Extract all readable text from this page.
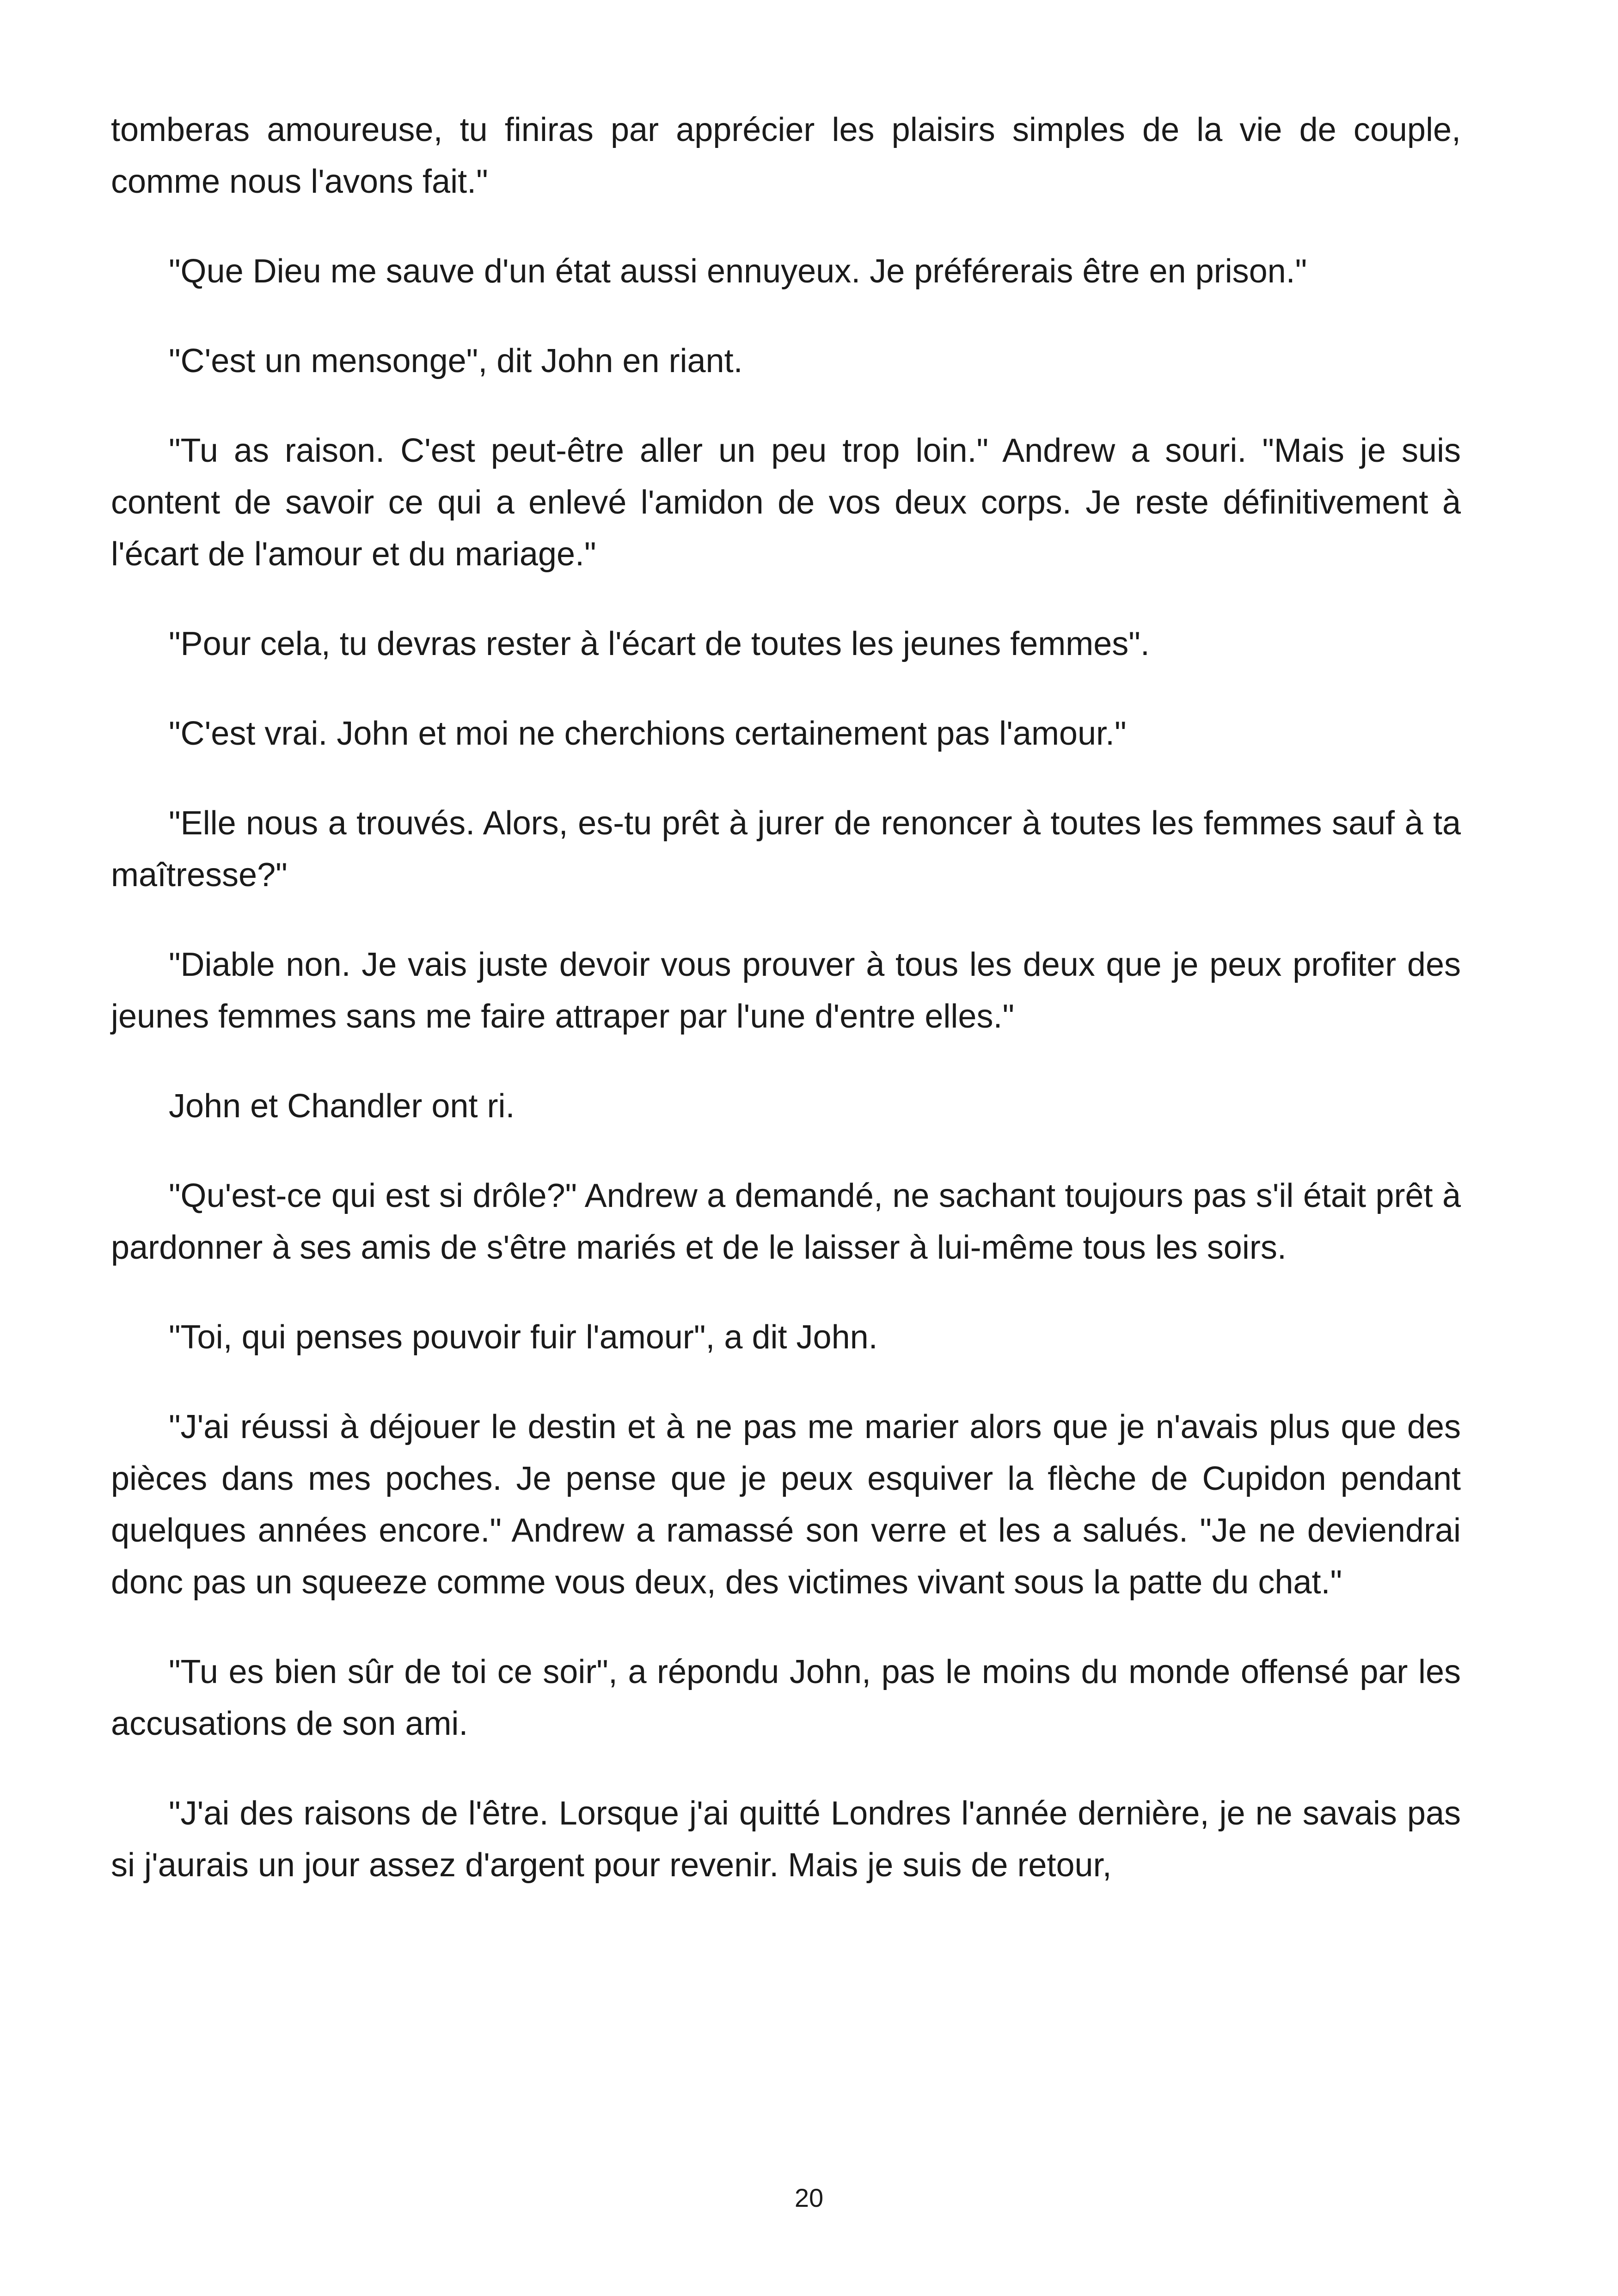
tomberas amoureuse, tu finiras par apprécier les plaisirs simples de la vie de couple, comme nous l'avons fait."

"Que Dieu me sauve d'un état aussi ennuyeux. Je préférerais être en prison."

"C'est un mensonge", dit John en riant.

"Tu as raison. C'est peut-être aller un peu trop loin." Andrew a souri. "Mais je suis content de savoir ce qui a enlevé l'amidon de vos deux corps. Je reste définitivement à l'écart de l'amour et du mariage."

"Pour cela, tu devras rester à l'écart de toutes les jeunes femmes".

"C'est vrai. John et moi ne cherchions certainement pas l'amour."

"Elle nous a trouvés. Alors, es-tu prêt à jurer de renoncer à toutes les femmes sauf à ta maîtresse?"

"Diable non. Je vais juste devoir vous prouver à tous les deux que je peux profiter des jeunes femmes sans me faire attraper par l'une d'entre elles."

John et Chandler ont ri.

"Qu'est-ce qui est si drôle?" Andrew a demandé, ne sachant toujours pas s'il était prêt à pardonner à ses amis de s'être mariés et de le laisser à lui-même tous les soirs.

"Toi, qui penses pouvoir fuir l'amour", a dit John.

"J'ai réussi à déjouer le destin et à ne pas me marier alors que je n'avais plus que des pièces dans mes poches. Je pense que je peux esquiver la flèche de Cupidon pendant quelques années encore." Andrew a ramassé son verre et les a salués. "Je ne deviendrai donc pas un squeeze comme vous deux, des victimes vivant sous la patte du chat."

"Tu es bien sûr de toi ce soir", a répondu John, pas le moins du monde offensé par les accusations de son ami.

"J'ai des raisons de l'être. Lorsque j'ai quitté Londres l'année dernière, je ne savais pas si j'aurais un jour assez d'argent pour revenir. Mais je suis de retour,

20
